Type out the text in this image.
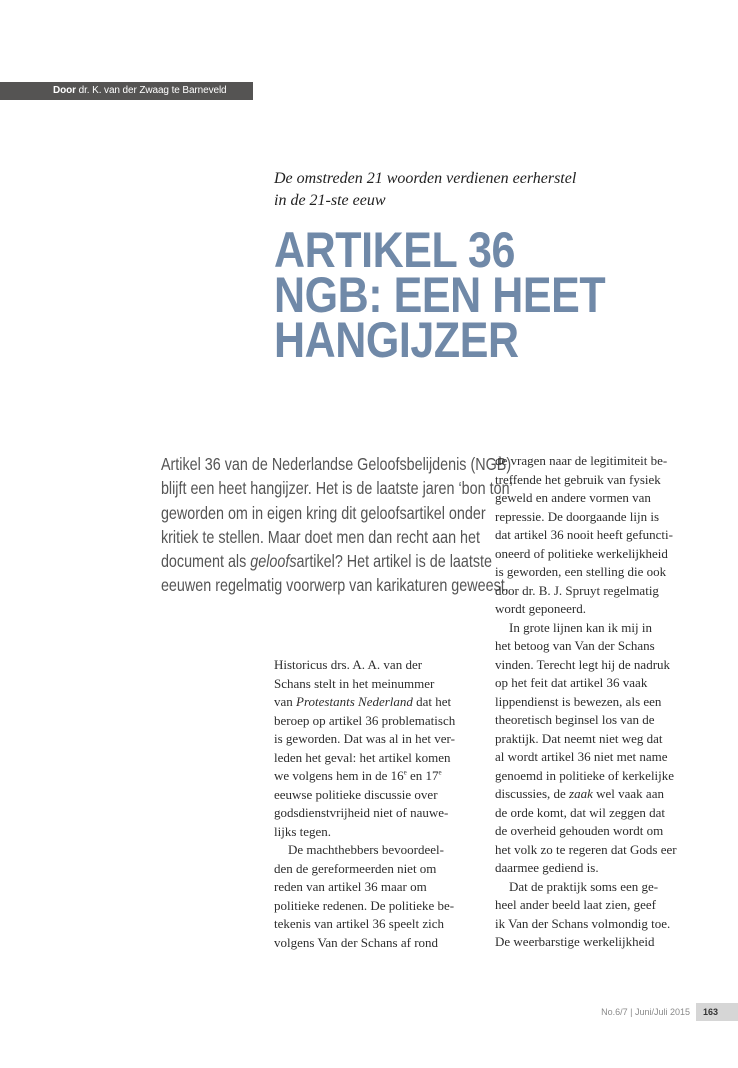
Door dr. K. van der Zwaag te Barneveld
De omstreden 21 woorden verdienen eerherstel
in de 21-ste eeuw
ARTIKEL 36
NGB: EEN HEET
HANGIJZER
Artikel 36 van de Nederlandse Geloofsbelijdenis (NGB)
blijft een heet hangijzer. Het is de laatste jaren ‘bon ton’
geworden om in eigen kring dit geloofsartikel onder
kritiek te stellen. Maar doet men dan recht aan het
document als geloofsartikel? Het artikel is de laatste
eeuwen regelmatig voorwerp van karikaturen geweest.
Historicus drs. A. A. van der
Schans stelt in het meinummer
van Protestants Nederland dat het
beroep op artikel 36 problematisch
is geworden. Dat was al in het ver-
leden het geval: het artikel komen
we volgens hem in de 16e en 17e
eeuwse politieke discussie over
godsdienstvrijheid niet of nauwe-
lijks tegen.
De machthebbers bevoordeel-
den de gereformeerden niet om
reden van artikel 36 maar om
politieke redenen. De politieke be-
tekenis van artikel 36 speelt zich
volgens Van der Schans af rond
de vragen naar de legitimiteit be-
treffende het gebruik van fysiek
geweld en andere vormen van
repressie. De doorgaande lijn is
dat artikel 36 nooit heeft gefuncti-
oneerd of politieke werkelijkheid
is geworden, een stelling die ook
door dr. B. J. Spruyt regelmatig
wordt geponeerd.
In grote lijnen kan ik mij in
het betoog van Van der Schans
vinden. Terecht legt hij de nadruk
op het feit dat artikel 36 vaak
lippendienst is bewezen, als een
theoretisch beginsel los van de
praktijk. Dat neemt niet weg dat
al wordt artikel 36 niet met name
genoemd in politieke of kerkelijke
discussies, de zaak wel vaak aan
de orde komt, dat wil zeggen dat
de overheid gehouden wordt om
het volk zo te regeren dat Gods eer
daarmee gediend is.
Dat de praktijk soms een ge-
heel ander beeld laat zien, geef
ik Van der Schans volmondig toe.
De weerbarstige werkelijkheid
No.6/7 | Juni/Juli 2015 163
